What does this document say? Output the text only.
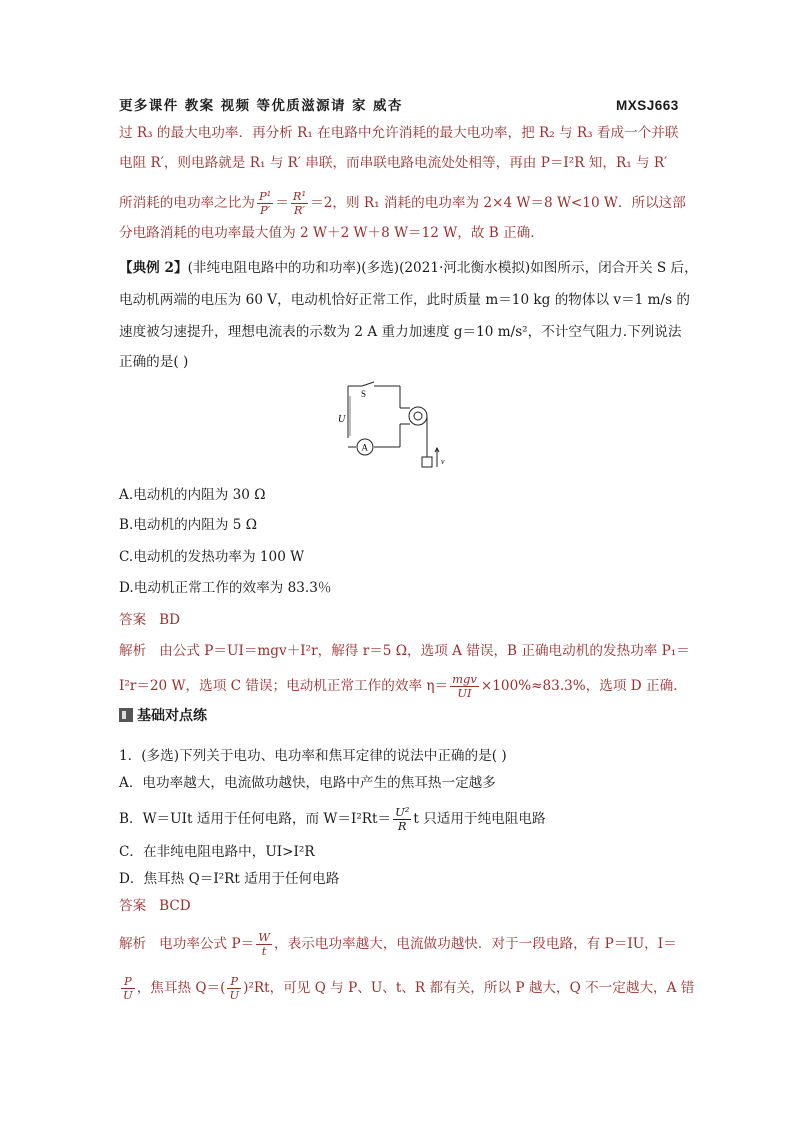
更多课件 教案 视频 等优质滋源请 家 威杏	MXSJ663
过 R₃ 的最大电功率．再分析 R₁ 在电路中允许消耗的最大电功率，把 R₂ 与 R₃ 看成一个并联
电阻 R′，则电路就是 R₁ 与 R′ 串联，而串联电路电流处处相等，再由 P＝I²R 知，R₁ 与 R′
所消耗的电功率之比为 $\frac{\text{P¹}}{P'} = \frac{\text{R¹}}{R'} =2$，则 R₁ 消耗的电功率为 2×4 W＝8 W<10 W．所以这部
分电路消耗的电功率最大值为 2 W＋2 W＋8 W＝12 W，故 B 正确．
【典例 2】(非纯电阻电路中的功和功率)(多选)(2021·河北衡水模拟)如图所示，闭合开关 S 后，
电动机两端的电压为 60 V，电动机恰好正常工作，此时质量 m＝10 kg 的物体以 v＝1 m/s 的
速度被匀速提升，理想电流表的示数为 2 A 重力加速度 g＝10 m/s²，不计空气阻力.下列说法
正确的是( )
S
U
A
v
A.电动机的内阻为 30 Ω
B.电动机的内阻为 5 Ω
C.电动机的发热功率为 100 W
D.电动机正常工作的效率为 83.3％
答案 BD
解析 由公式 P＝UI＝mgv＋I²r，解得 r＝5 Ω，选项 A 错误，B 正确电动机的发热功率 P₁＝
I²r＝20 W，选项 C 错误；电动机正常工作的效率 $\eta= \frac{\text{mgv}}{UI} \times 100\%\approx 83.3\%$，选项 D 正确.
基础对点练
1．(多选)下列关于电功、电功率和焦耳定律的说法中正确的是( )
A．电功率越大，电流做功越快，电路中产生的焦耳热一定越多
B．W＝UIt 适用于任何电路，而 $W=I^2Rt= \frac{\text{U²}}{R}$ t 只适用于纯电阻电路
C．在非纯电阻电路中，UI>I²R
D．焦耳热 Q＝I²Rt 适用于任何电路
答案 BCD
解析 电功率公式 $P= \frac{W}{t}$ ，表示电功率越大，电流做功越快．对于一段电路，有 P＝IU，I＝
$\frac{P}{U}$ ，焦耳热 $Q=( \frac{P}{U} )^2Rt$，可见 Q 与 P、U、t、R 都有关，所以 P 越大，Q 不一定越大，A 错
